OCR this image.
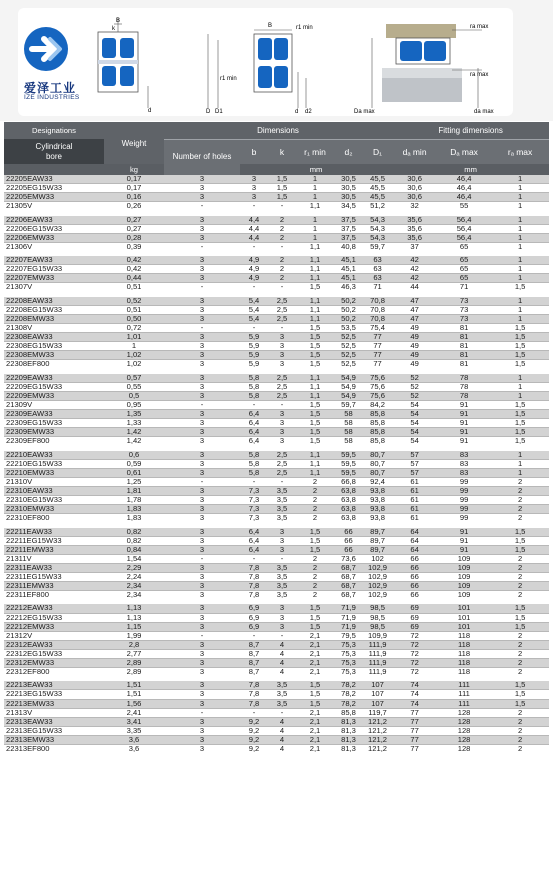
爱泽工业
IZE INDUSTRIES
B
k
d
B	r1 min
r1 min
D D1	d d2
ra max
ra max
Da max	da max
Designations	Weight	Dimensions						Fitting dimensions		

Cylindrical
bore		Number of holes	b	k	r₁ min	d₂	D₁	dₐ min	Dₐ max	rₐ max

	kg		mm					mm		
22205EAW33	0,17	3	3	1,5	1	30,5	45,5	30,6	46,4	1
22205EG15W33	0,17	3	3	1,5	1	30,5	45,5	30,6	46,4	1
22205EMW33	0,16	3	3	1,5	1	30,5	45,5	30,6	46,4	1
21305V	0,26	-	-	-	1,1	34,5	51,2	32	55	1

22206EAW33	0,27	3	4,4	2	1	37,5	54,3	35,6	56,4	1
22206EG15W33	0,27	3	4,4	2	1	37,5	54,3	35,6	56,4	1
22206EMW33	0,28	3	4,4	2	1	37,5	54,3	35,6	56,4	1
21306V	0,39	-	-	-	1,1	40,8	59,7	37	65	1

22207EAW33	0,42	3	4,9	2	1,1	45,1	63	42	65	1
22207EG15W33	0,42	3	4,9	2	1,1	45,1	63	42	65	1
22207EMW33	0,44	3	4,9	2	1,1	45,1	63	42	65	1
21307V	0,51	-	-	-	1,5	46,3	71	44	71	1,5

22208EAW33	0,52	3	5,4	2,5	1,1	50,2	70,8	47	73	1
22208EG15W33	0,51	3	5,4	2,5	1,1	50,2	70,8	47	73	1
22208EMW33	0,50	3	5,4	2,5	1,1	50,2	70,8	47	73	1
21308V	0,72	-	-	-	1,5	53,5	75,4	49	81	1,5
22308EAW33	1,01	3	5,9	3	1,5	52,5	77	49	81	1,5
22308EG15W33	1	3	5,9	3	1,5	52,5	77	49	81	1,5
22308EMW33	1,02	3	5,9	3	1,5	52,5	77	49	81	1,5
22308EF800	1,02	3	5,9	3	1,5	52,5	77	49	81	1,5

22209EAW33	0,57	3	5,8	2,5	1,1	54,9	75,6	52	78	1
22209EG15W33	0,55	3	5,8	2,5	1,1	54,9	75,6	52	78	1
22209EMW33	0,5	3	5,8	2,5	1,1	54,9	75,6	52	78	1
21309V	0,95	-	-	-	1,5	59,7	84,2	54	91	1,5
22309EAW33	1,35	3	6,4	3	1,5	58	85,8	54	91	1,5
22309EG15W33	1,33	3	6,4	3	1,5	58	85,8	54	91	1,5
22309EMW33	1,42	3	6,4	3	1,5	58	85,8	54	91	1,5
22309EF800	1,42	3	6,4	3	1,5	58	85,8	54	91	1,5

22210EAW33	0,6	3	5,8	2,5	1,1	59,5	80,7	57	83	1
22210EG15W33	0,59	3	5,8	2,5	1,1	59,5	80,7	57	83	1
22210EMW33	0,61	3	5,8	2,5	1,1	59,5	80,7	57	83	1
21310V	1,25	-	-	-	2	66,8	92,4	61	99	2
22310EAW33	1,81	3	7,3	3,5	2	63,8	93,8	61	99	2
22310EG15W33	1,78	3	7,3	3,5	2	63,8	93,8	61	99	2
22310EMW33	1,83	3	7,3	3,5	2	63,8	93,8	61	99	2
22310EF800	1,83	3	7,3	3,5	2	63,8	93,8	61	99	2

22211EAW33	0,82	3	6,4	3	1,5	66	89,7	64	91	1,5
22211EG15W33	0,82	3	6,4	3	1,5	66	89,7	64	91	1,5
22211EMW33	0,84	3	6,4	3	1,5	66	89,7	64	91	1,5
21311V	1,54	-	-	-	2	73,6	102	66	109	2
22311EAW33	2,29	3	7,8	3,5	2	68,7	102,9	66	109	2
22311EG15W33	2,24	3	7,8	3,5	2	68,7	102,9	66	109	2
22311EMW33	2,34	3	7,8	3,5	2	68,7	102,9	66	109	2
22311EF800	2,34	3	7,8	3,5	2	68,7	102,9	66	109	2

22212EAW33	1,13	3	6,9	3	1,5	71,9	98,5	69	101	1,5
22212EG15W33	1,13	3	6,9	3	1,5	71,9	98,5	69	101	1,5
22212EMW33	1,15	3	6,9	3	1,5	71,9	98,5	69	101	1,5
21312V	1,99	-	-	-	2,1	79,5	109,9	72	118	2
22312EAW33	2,8	3	8,7	4	2,1	75,3	111,9	72	118	2
22312EG15W33	2,77	3	8,7	4	2,1	75,3	111,9	72	118	2
22312EMW33	2,89	3	8,7	4	2,1	75,3	111,9	72	118	2
22312EF800	2,89	3	8,7	4	2,1	75,3	111,9	72	118	2

22213EAW33	1,51	3	7,8	3,5	1,5	78,2	107	74	111	1,5
22213EG15W33	1,51	3	7,8	3,5	1,5	78,2	107	74	111	1,5
22213EMW33	1,56	3	7,8	3,5	1,5	78,2	107	74	111	1,5
21313V	2,41	-	-	-	2,1	85,8	119,7	77	128	2
22313EAW33	3,41	3	9,2	4	2,1	81,3	121,2	77	128	2
22313EG15W33	3,35	3	9,2	4	2,1	81,3	121,2	77	128	2
22313EMW33	3,6	3	9,2	4	2,1	81,3	121,2	77	128	2
22313EF800	3,6	3	9,2	4	2,1	81,3	121,2	77	128	2
